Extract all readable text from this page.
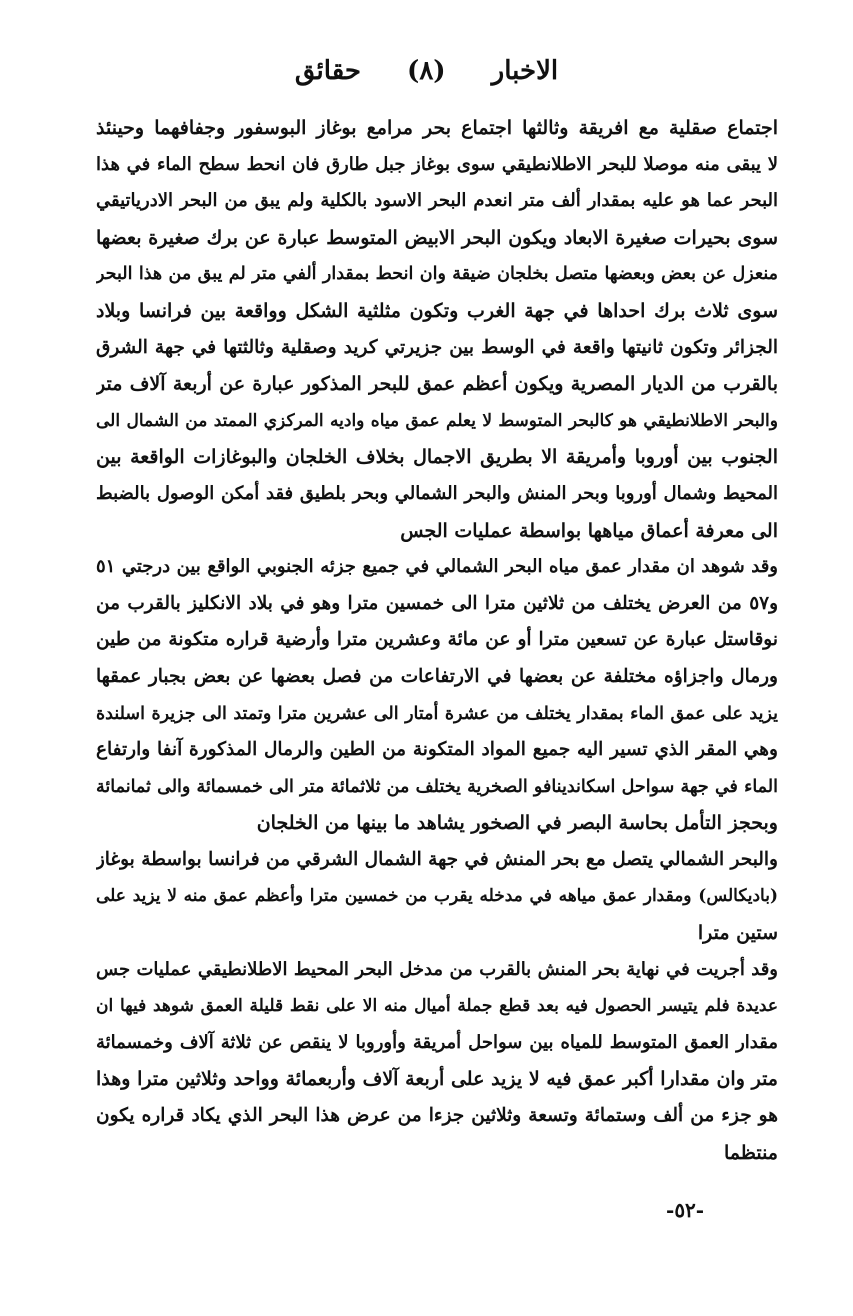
الاخبار (٨) حقائق
اجتماع صقلية مع افريقة وثالثها اجتماع بحر مرامع بوغاز البوسفور وجفافهما وحينئذ
لا يبقى منه موصلا للبحر الاطلانطيقي سوى بوغاز جبل طارق فان انحط سطح الماء في هذا
البحر عما هو عليه بمقدار ألف متر انعدم البحر الاسود بالكلية ولم يبق من البحر الادرياتيقي
سوى بحيرات صغيرة الابعاد ويكون البحر الابيض المتوسط عبارة عن برك صغيرة بعضها
منعزل عن بعض وبعضها متصل بخلجان ضيقة وان انحط بمقدار ألفي متر لم يبق من هذا البحر
سوى ثلاث برك احداها في جهة الغرب وتكون مثلثية الشكل وواقعة بين فرانسا وبلاد
الجزائر وتكون ثانيتها واقعة في الوسط بين جزيرتي كريد وصقلية وثالثتها في جهة الشرق
بالقرب من الديار المصرية ويكون أعظم عمق للبحر المذكور عبارة عن أربعة آلاف متر
والبحر الاطلانطيقي هو كالبحر المتوسط لا يعلم عمق مياه واديه المركزي الممتد من الشمال الى
الجنوب بين أوروبا وأمريقة الا بطريق الاجمال بخلاف الخلجان والبوغازات الواقعة بين
المحيط وشمال أوروبا وبحر المنش والبحر الشمالي وبحر بلطيق فقد أمكن الوصول بالضبط
الى معرفة أعماق مياهها بواسطة عمليات الجس
وقد شوهد ان مقدار عمق مياه البحر الشمالي في جميع جزئه الجنوبي الواقع بين درجتي ٥١
و٥٧ من العرض يختلف من ثلاثين مترا الى خمسين مترا وهو في بلاد الانكليز بالقرب من
نوقاستل عبارة عن تسعين مترا أو عن مائة وعشرين مترا وأرضية قراره متكونة من طين
ورمال واجزاؤه مختلفة عن بعضها في الارتفاعات من فصل بعضها عن بعض بجبار عمقها
يزيد على عمق الماء بمقدار يختلف من عشرة أمتار الى عشرين مترا وتمتد الى جزيرة اسلندة
وهي المقر الذي تسير اليه جميع المواد المتكونة من الطين والرمال المذكورة آنفا وارتفاع
الماء في جهة سواحل اسكاندينافو الصخرية يختلف من ثلاثمائة متر الى خمسمائة والى ثمانمائة
وبحجز التأمل بحاسة البصر في الصخور يشاهد ما بينها من الخلجان
والبحر الشمالي يتصل مع بحر المنش في جهة الشمال الشرقي من فرانسا بواسطة بوغاز
(باديكالس) ومقدار عمق مياهه في مدخله يقرب من خمسين مترا وأعظم عمق منه لا يزيد على
ستين مترا
وقد أجريت في نهاية بحر المنش بالقرب من مدخل البحر المحيط الاطلانطيقي عمليات جس
عديدة فلم يتيسر الحصول فيه بعد قطع جملة أميال منه الا على نقط قليلة العمق شوهد فيها ان
مقدار العمق المتوسط للمياه بين سواحل أمريقة وأوروبا لا ينقص عن ثلاثة آلاف وخمسمائة
متر وان مقدارا أكبر عمق فيه لا يزيد على أربعة آلاف وأربعمائة وواحد وثلاثين مترا وهذا
هو جزء من ألف وستمائة وتسعة وثلاثين جزءا من عرض هذا البحر الذي يكاد قراره يكون
منتظما
-٥٢-
